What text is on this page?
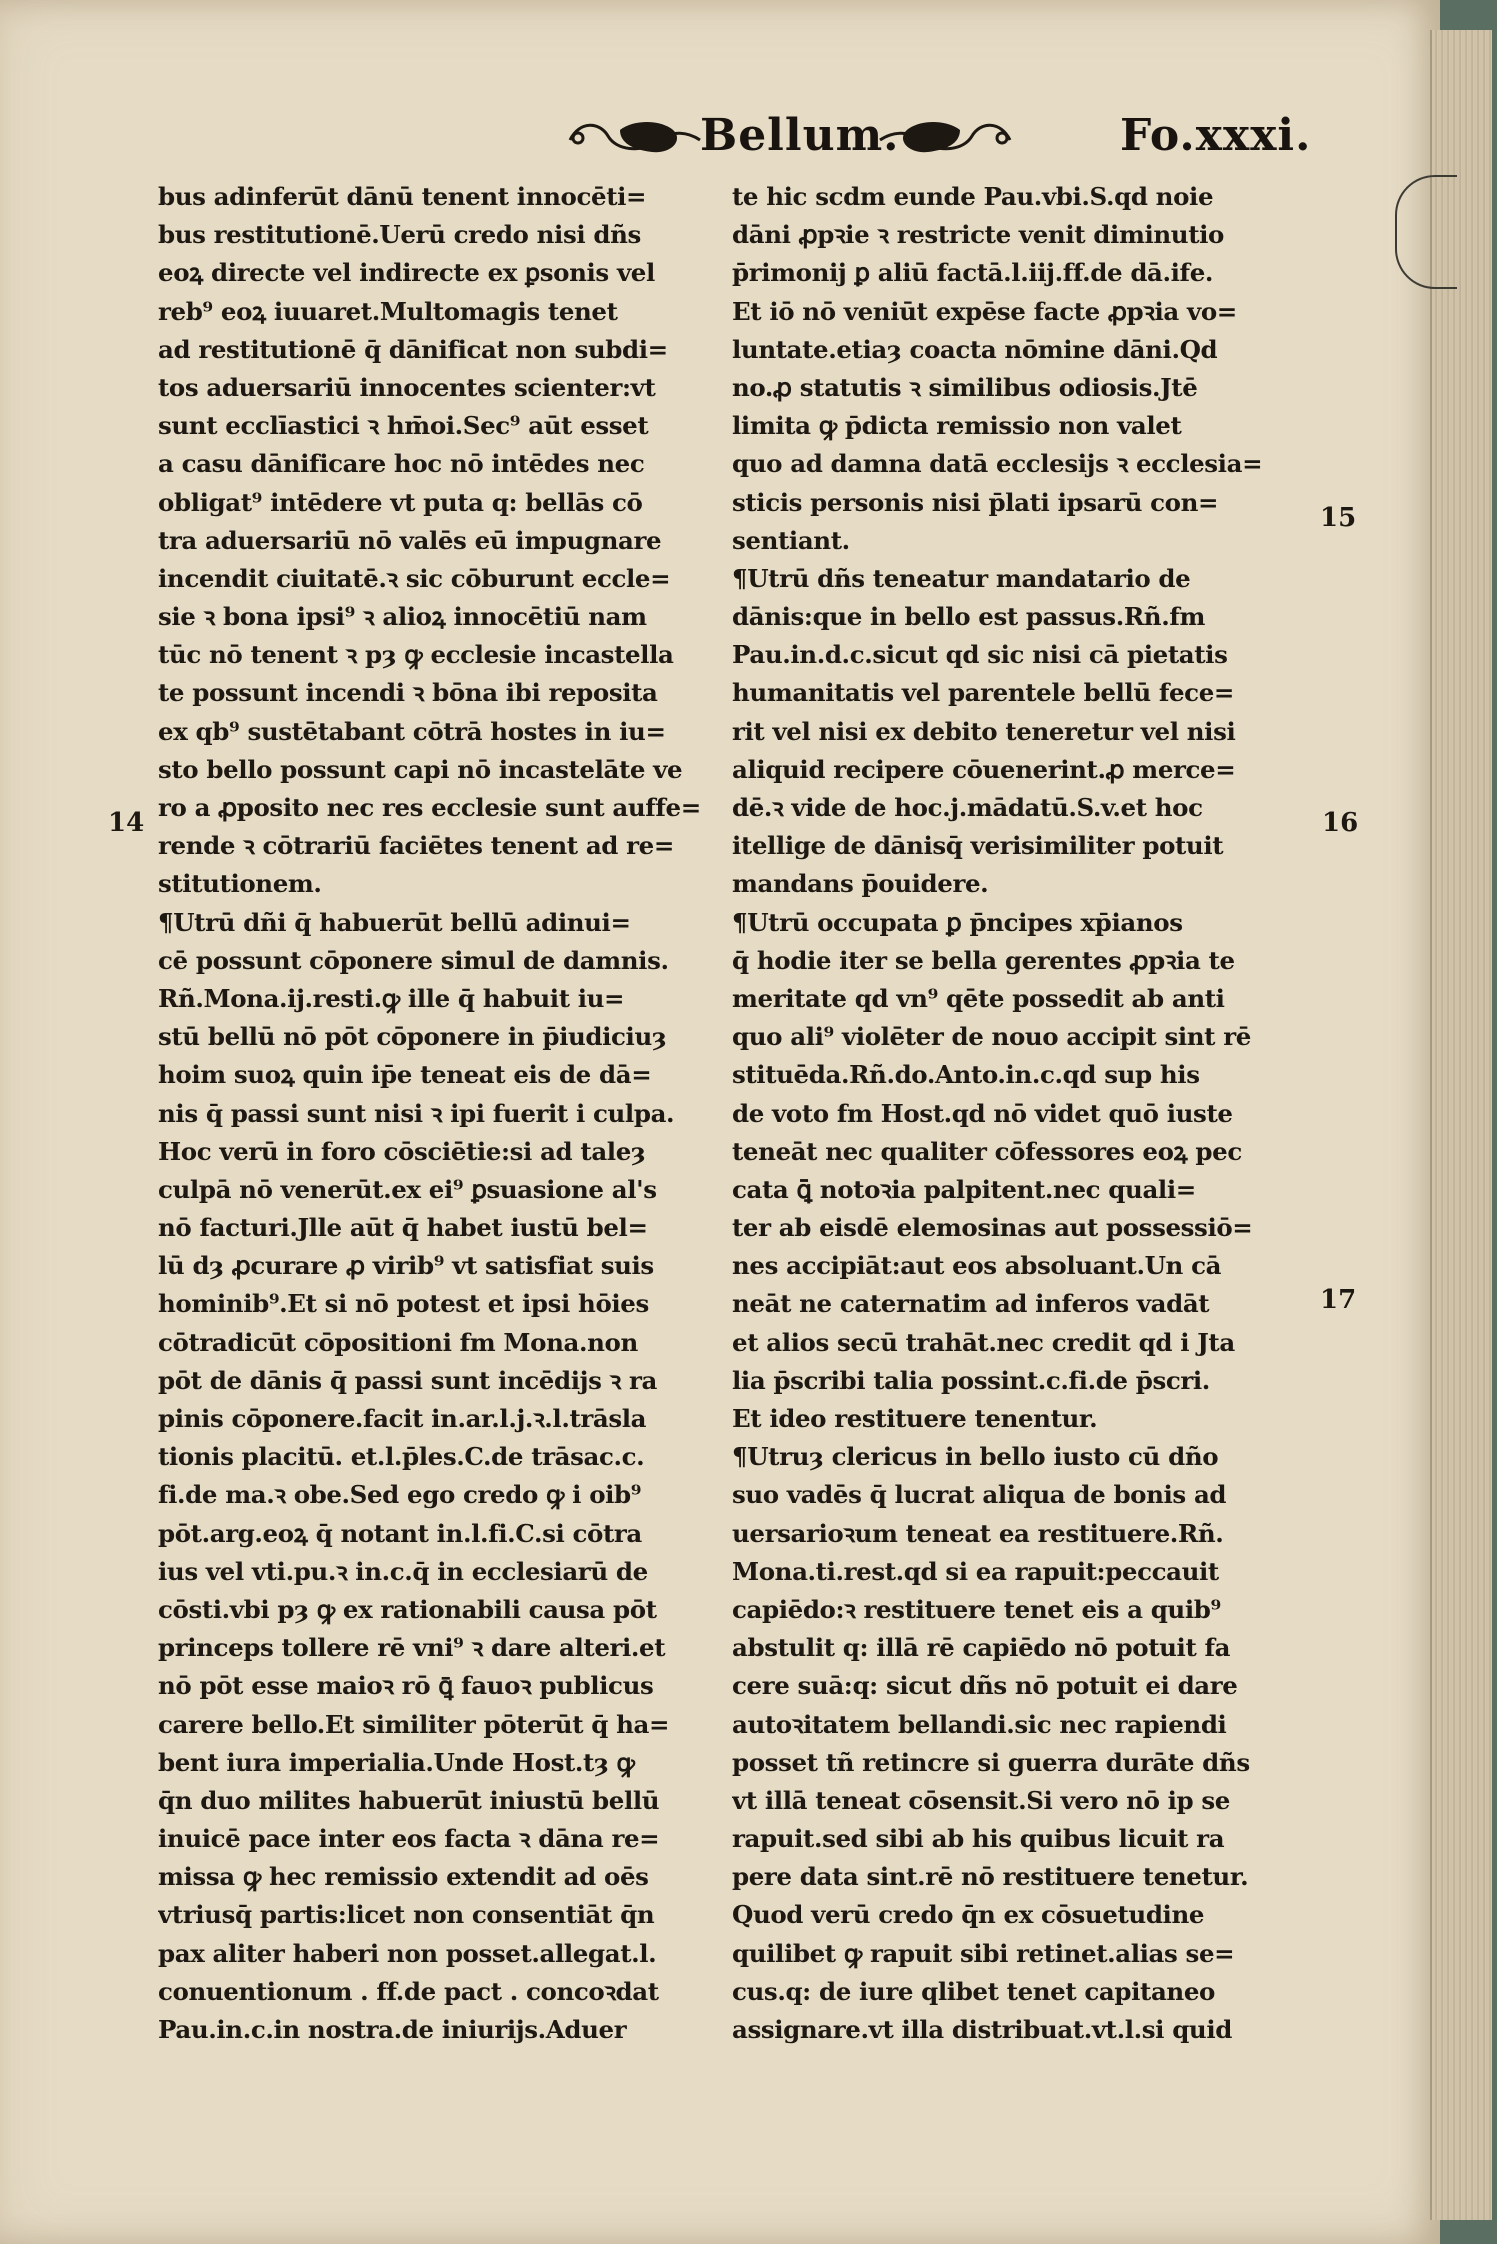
Bellum.	Fo.xxxi.
bus adinferūt dānū tenent innocēti=
bus restitutionē.Uerū credo nisi dñs
eoꝝ directe vel indirecte ex ꝑsonis vel
reb⁹ eoꝝ iuuaret.Multomagis tenet
ad restitutionē q̄ dānificat non subdi=
tos aduersariū innocentes scienter:vt
sunt ecclīastici ꝛ hm̄oi.Sec⁹ aūt esset
a casu dānificare hoc nō intēdes nec
obligat⁹ intēdere vt puta q: bellās cō
tra aduersariū nō valēs eū impugnare
incendit ciuitatē.ꝛ sic cōburunt eccle=
sie ꝛ bona ipsi⁹ ꝛ alioꝝ innocētiū nam
tūc nō tenent ꝛ pȝ ꝙ ecclesie incastella
te possunt incendi ꝛ bōna ibi reposita
ex qb⁹ sustētabant cōtrā hostes in iu=
sto bello possunt capi nō incastelāte ve
ro a ꝓposito nec res ecclesie sunt auffe=
rende ꝛ cōtrariū faciētes tenent ad re=
stitutionem.
¶Utrū dñi q̄ habuerūt bellū adinui=
cē possunt cōponere simul de damnis.
Rñ.Mona.ij.resti.ꝙ ille q̄ habuit iu=
stū bellū nō pōt cōponere in p̄iudiciuȝ
hoim suoꝝ quin ip̄e teneat eis de dā=
nis q̄ passi sunt nisi ꝛ ipi fuerit i culpa.
Hoc verū in foro cōsciētie:si ad taleȝ
culpā nō venerūt.ex ei⁹ ꝑsuasione al's
nō facturi.Jlle aūt q̄ habet iustū bel=
lū dȝ ꝓcurare ꝓ virib⁹ vt satisfiat suis
hominib⁹.Et si nō potest et ipsi hōies
cōtradicūt cōpositioni fm Mona.non
pōt de dānis q̄ passi sunt incēdijs ꝛ ra
pinis cōponere.facit in.ar.l.j.ꝛ.l.trāsla
tionis placitū. et.l.p̄les.C.de trāsac.c.
fi.de ma.ꝛ obe.Sed ego credo ꝙ i oib⁹
pōt.arg.eoꝝ q̄ notant in.l.fi.C.si cōtra
ius vel vti.pu.ꝛ in.c.q̄ in ecclesiarū de
cōsti.vbi pȝ ꝙ ex rationabili causa pōt
princeps tollere rē vni⁹ ꝛ dare alteri.et
nō pōt esse maioꝛ rō ꝗ̄ fauoꝛ publicus
carere bello.Et similiter pōterūt q̄ ha=
bent iura imperialia.Unde Host.tȝ ꝙ
q̄n duo milites habuerūt iniustū bellū
inuicē pace inter eos facta ꝛ dāna re=
missa ꝙ hec remissio extendit ad oēs
vtriusq̄ partis:licet non consentiāt q̄n
pax aliter haberi non posset.allegat.l.
conuentionum . ff.de pact . concoꝛdat
Pau.in.c.in nostra.de iniurijs.Aduer
te hic scdm eunde Pau.vbi.S.qd noie
dāni ꝓpꝛie ꝛ restricte venit diminutio
p̄rimonij ꝑ aliū factā.l.iij.ff.de dā.ife.
Et iō nō veniūt expēse facte ꝓpꝛia vo=
luntate.etiaȝ coacta nōmine dāni.Qd
no.ꝓ statutis ꝛ similibus odiosis.Jtē
limita ꝙ p̄dicta remissio non valet
quo ad damna datā ecclesijs ꝛ ecclesia=
sticis personis nisi p̄lati ipsarū con=
sentiant.
¶Utrū dñs teneatur mandatario de
dānis:que in bello est passus.Rñ.fm
Pau.in.d.c.sicut qd sic nisi cā pietatis
humanitatis vel parentele bellū fece=
rit vel nisi ex debito teneretur vel nisi
aliquid recipere cōuenerint.ꝓ merce=
dē.ꝛ vide de hoc.j.mādatū.S.v.et hoc
itellige de dānisq̄ verisimiliter potuit
mandans p̄ouidere.
¶Utrū occupata ꝑ p̄ncipes xp̄ianos
q̄ hodie iter se bella gerentes ꝓpꝛia te
meritate qd vn⁹ qēte possedit ab anti
quo ali⁹ violēter de nouo accipit sint rē
stituēda.Rñ.do.Anto.in.c.qd sup his
de voto fm Host.qd nō videt quō iuste
teneāt nec qualiter cōfessores eoꝝ pec
cata ꝗ̄ notoꝛia palpitent.nec quali=
ter ab eisdē elemosinas aut possessiō=
nes accipiāt:aut eos absoluant.Un cā
neāt ne caternatim ad inferos vadāt
et alios secū trahāt.nec credit qd i Jta
lia p̄scribi talia possint.c.fi.de p̄scri.
Et ideo restituere tenentur.
¶Utruȝ clericus in bello iusto cū dño
suo vadēs q̄ lucrat aliqua de bonis ad
uersarioꝛum teneat ea restituere.Rñ.
Mona.ti.rest.qd si ea rapuit:peccauit
capiēdo:ꝛ restituere tenet eis a quib⁹
abstulit q: illā rē capiēdo nō potuit fa
cere suā:q: sicut dñs nō potuit ei dare
autoꝛitatem bellandi.sic nec rapiendi
posset tñ retincre si guerra durāte dñs
vt illā teneat cōsensit.Si vero nō ip se
rapuit.sed sibi ab his quibus licuit ra
pere data sint.rē nō restituere tenetur.
Quod verū credo q̄n ex cōsuetudine
quilibet ꝙ rapuit sibi retinet.alias se=
cus.q: de iure qlibet tenet capitaneo
assignare.vt illa distribuat.vt.l.si quid
14
15
16
17
